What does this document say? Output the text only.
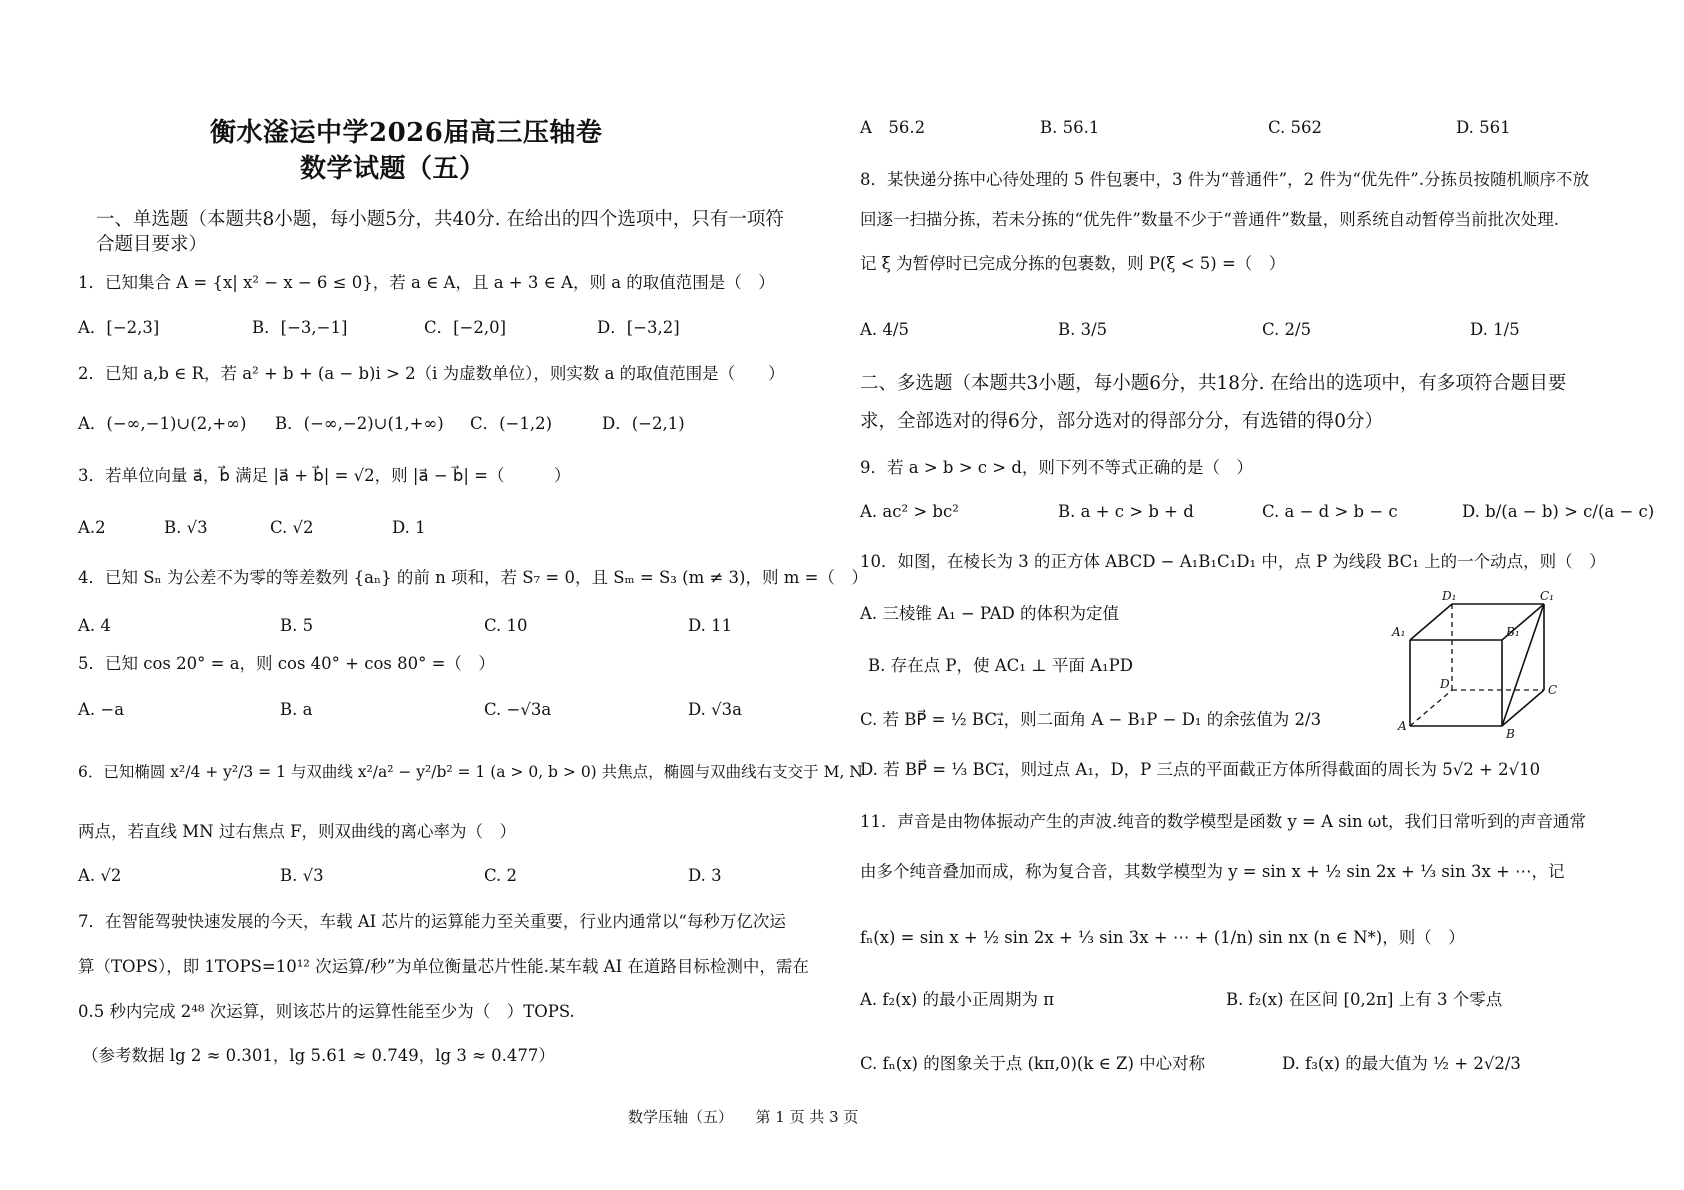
衡水滏运中学2026届高三压轴卷
数学试题（五）
一、单选题（本题共8小题，每小题5分，共40分. 在给出的四个选项中，只有一项符
合题目要求）
1．已知集合 A = {x| x² − x − 6 ≤ 0}，若 a ∈ A，且 a + 3 ∈ A，则 a 的取值范围是（　）
A．[−2,3]	B．[−3,−1]	C．[−2,0]	D．[−3,2]
2．已知 a,b ∈ R，若 a² + b + (a − b)i > 2（i 为虚数单位），则实数 a 的取值范围是（　　）
A．(−∞,−1)∪(2,+∞) B．(−∞,−2)∪(1,+∞) C．(−1,2)	D．(−2,1)
3．若单位向量 a⃗，b⃗ 满足 |a⃗ + b⃗| = √2，则 |a⃗ − b⃗| =（　　　）
A.2	B. √3	C. √2	D. 1
4．已知 Sₙ 为公差不为零的等差数列 {aₙ} 的前 n 项和，若 S₇ = 0，且 Sₘ = S₃ (m ≠ 3)，则 m =（　）
A. 4	B. 5	C. 10	D. 11
5．已知 cos 20° = a，则 cos 40° + cos 80° =（　）
A. −a	B. a	C. −√3a	D. √3a
6．已知椭圆 x²/4 + y²/3 = 1 与双曲线 x²/a² − y²/b² = 1 (a > 0, b > 0) 共焦点，椭圆与双曲线右支交于 M, N
两点，若直线 MN 过右焦点 F，则双曲线的离心率为（　）
A. √2	B. √3	C. 2	D. 3
7．在智能驾驶快速发展的今天，车载 AI 芯片的运算能力至关重要，行业内通常以“每秒万亿次运
算（TOPS），即 1TOPS=10¹² 次运算/秒”为单位衡量芯片性能.某车载 AI 在道路目标检测中，需在
0.5 秒内完成 2⁴⁸ 次运算，则该芯片的运算性能至少为（　）TOPS.
（参考数据 lg 2 ≈ 0.301，lg 5.61 ≈ 0.749，lg 3 ≈ 0.477）
数学压轴（五）　　第 1 页 共 3 页
A　56.2	B. 56.1	C. 562	D. 561
8．某快递分拣中心待处理的 5 件包裹中，3 件为“普通件”，2 件为“优先件”.分拣员按随机顺序不放
回逐一扫描分拣，若未分拣的“优先件”数量不少于“普通件”数量，则系统自动暂停当前批次处理.
记 ξ 为暂停时已完成分拣的包裹数，则 P(ξ < 5) =（　）
A. 4/5	B. 3/5	C. 2/5	D. 1/5
二、多选题（本题共3小题，每小题6分，共18分. 在给出的选项中，有多项符合题目要
求，全部选对的得6分，部分选对的得部分分，有选错的得0分）
9．若 a > b > c > d，则下列不等式正确的是（　）
A. ac² > bc²	B. a + c > b + d	C. a − d > b − c	D. b/(a − b) > c/(a − c)
10．如图，在棱长为 3 的正方体 ABCD − A₁B₁C₁D₁ 中，点 P 为线段 BC₁ 上的一个动点，则（　）
A. 三棱锥 A₁ − PAD 的体积为定值
B. 存在点 P，使 AC₁ ⊥ 平面 A₁PD
C. 若 BP⃗ = ½ BC₁⃗，则二面角 A − B₁P − D₁ 的余弦值为 2/3
D. 若 BP⃗ = ⅓ BC₁⃗，则过点 A₁，D，P 三点的平面截正方体所得截面的周长为 5√2 + 2√10
D₁	C₁
A₁	B₁
D	C
A
B
11．声音是由物体振动产生的声波.纯音的数学模型是函数 y = A sin ωt，我们日常听到的声音通常
由多个纯音叠加而成，称为复合音，其数学模型为 y = sin x + ½ sin 2x + ⅓ sin 3x + ⋯，记
fₙ(x) = sin x + ½ sin 2x + ⅓ sin 3x + ⋯ + (1/n) sin nx (n ∈ N*)，则（　）
A. f₂(x) 的最小正周期为 π	B. f₂(x) 在区间 [0,2π] 上有 3 个零点
C. fₙ(x) 的图象关于点 (kπ,0)(k ∈ Z) 中心对称	D. f₃(x) 的最大值为 ½ + 2√2/3
